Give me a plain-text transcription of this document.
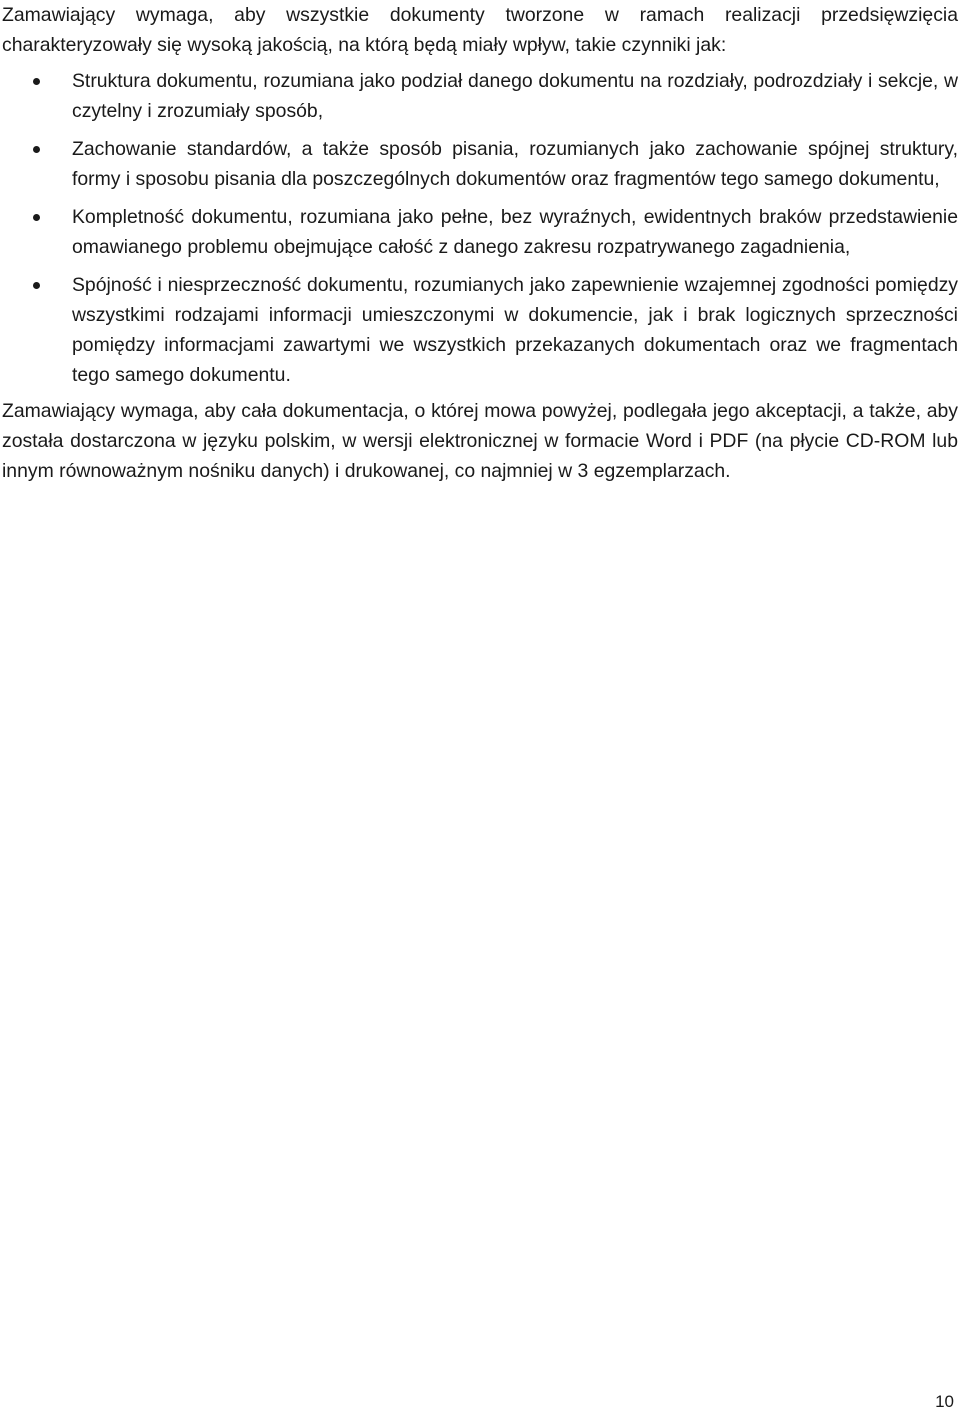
Zamawiający wymaga, aby wszystkie dokumenty tworzone w ramach realizacji przedsięwzięcia charakteryzowały się wysoką jakością, na którą będą miały wpływ, takie czynniki jak:

Struktura dokumentu, rozumiana jako podział danego dokumentu na rozdziały, podrozdziały i sekcje, w czytelny i zrozumiały sposób,
Zachowanie standardów, a także sposób pisania, rozumianych jako zachowanie spójnej struktury, formy i sposobu pisania dla poszczególnych dokumentów oraz fragmentów tego samego dokumentu,
Kompletność dokumentu, rozumiana jako pełne, bez wyraźnych, ewidentnych braków przedstawienie omawianego problemu obejmujące całość z danego zakresu rozpatrywanego zagadnienia,
Spójność i niesprzeczność dokumentu, rozumianych jako zapewnienie wzajemnej zgodności pomiędzy wszystkimi rodzajami informacji umieszczonymi w dokumencie, jak i brak logicznych sprzeczności pomiędzy informacjami zawartymi we wszystkich przekazanych dokumentach oraz we fragmentach tego samego dokumentu.

Zamawiający wymaga, aby cała dokumentacja, o której mowa powyżej, podlegała jego akceptacji, a także, aby została dostarczona w języku polskim, w wersji elektronicznej w formacie Word i PDF (na płycie CD-ROM lub innym równoważnym nośniku danych) i drukowanej, co najmniej w 3 egzemplarzach.

10
